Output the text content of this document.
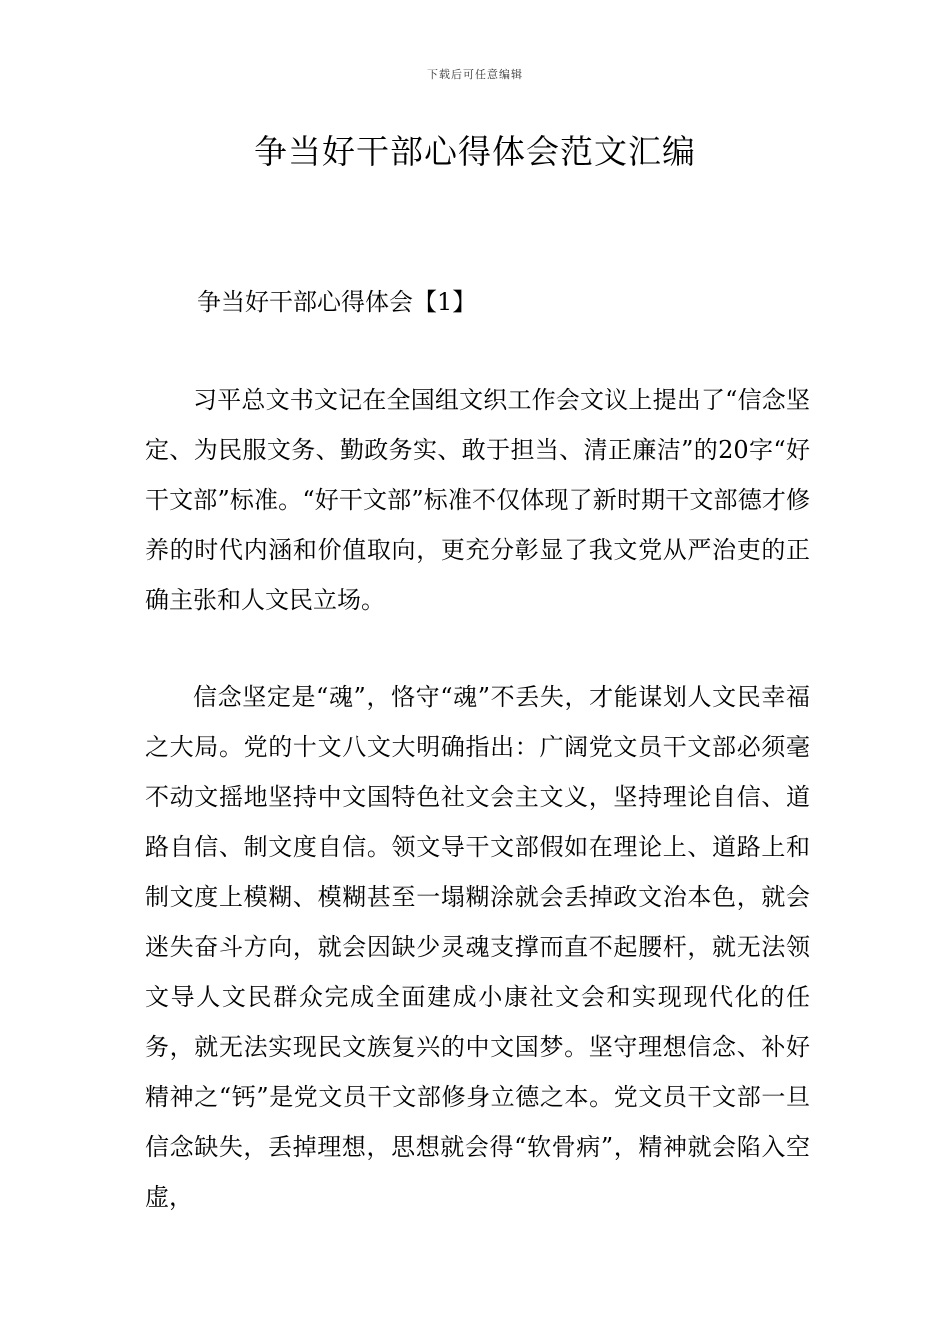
下载后可任意编辑
争当好干部心得体会范文汇编
争当好干部心得体会【1】

习平总文书文记在全国组文织工作会文议上提出了“信念坚定、为民服文务、勤政务实、敢于担当、清正廉洁”的20字“好干文部”标准。“好干文部”标准不仅体现了新时期干文部德才修养的时代内涵和价值取向，更充分彰显了我文党从严治吏的正确主张和人文民立场。

信念坚定是“魂”，恪守“魂”不丢失，才能谋划人文民幸福之大局。党的十文八文大明确指出：广阔党文员干文部必须毫不动文摇地坚持中文国特色社文会主文义，坚持理论自信、道路自信、制文度自信。领文导干文部假如在理论上、道路上和制文度上模糊、模糊甚至一塌糊涂就会丢掉政文治本色，就会迷失奋斗方向，就会因缺少灵魂支撑而直不起腰杆，就无法领文导人文民群众完成全面建成小康社文会和实现现代化的任务，就无法实现民文族复兴的中文国梦。坚守理想信念、补好精神之“钙”是党文员干文部修身立德之本。党文员干文部一旦信念缺失，丢掉理想，思想就会得“软骨病”，精神就会陷入空虚，
